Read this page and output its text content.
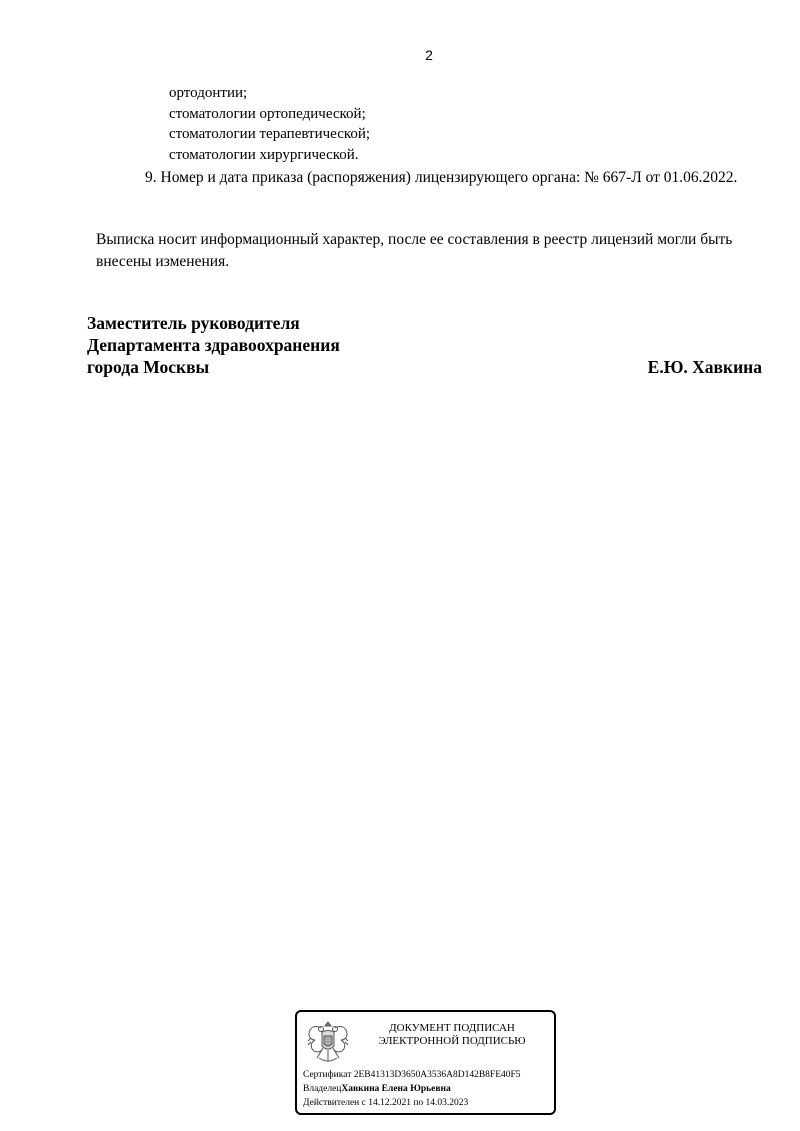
2
ортодонтии;
стоматологии ортопедической;
стоматологии терапевтической;
стоматологии хирургической.
9. Номер и дата приказа (распоряжения) лицензирующего органа: № 667-Л от 01.06.2022.
Выписка носит информационный характер, после ее составления в реестр лицензий могли быть внесены изменения.
Заместитель руководителя
Департамента здравоохранения
города Москвы	Е.Ю. Хавкина
ДОКУМЕНТ ПОДПИСАН
ЭЛЕКТРОННОЙ ПОДПИСЬЮ
Сертификат 2EB41313D3650A3536A8D142B8FE40F5
ВладелецХавкина Елена Юрьевна
Действителен с 14.12.2021 по 14.03.2023
